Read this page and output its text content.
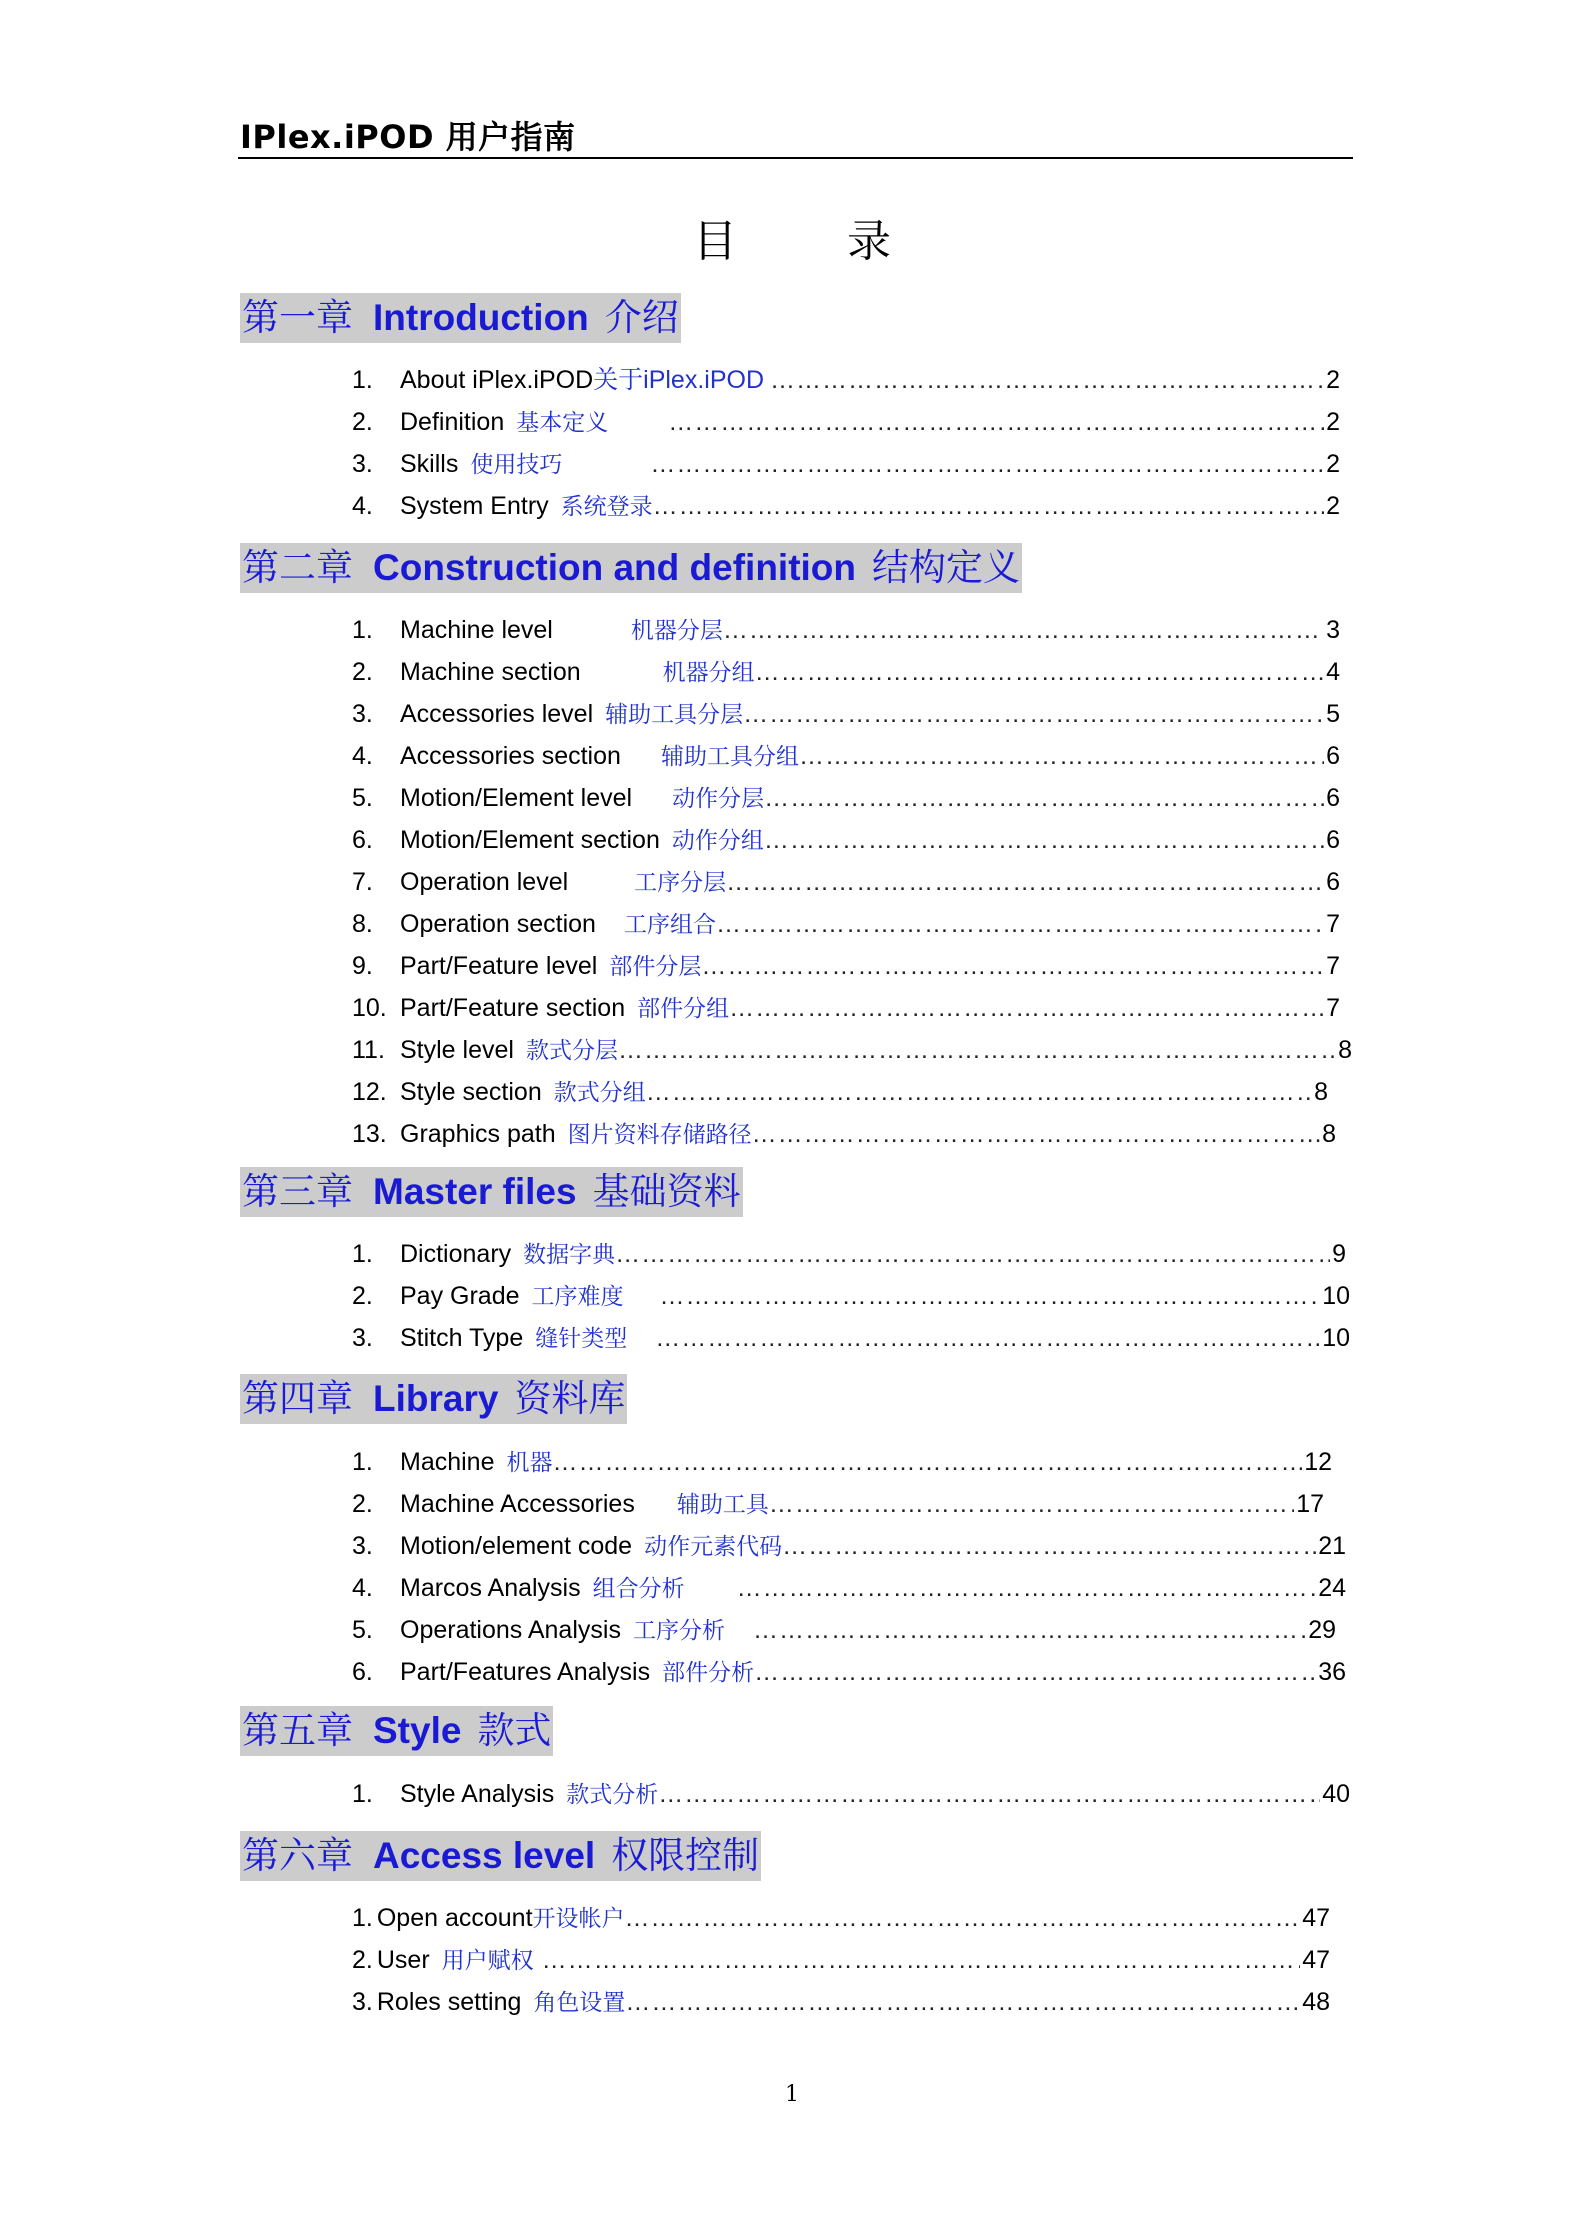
IPlex.iPOD 用户指南
目 录
第一章 Introduction 介绍
1.	About iPlex.iPOD 关于iPlex.iPOD ……………………………………………………………………………………………………………………………………………………………………………………	2
2.	Definition 基本定义 ……………………………………………………………………………………………………………………………………………………………………………………	2
3.	Skills 使用技巧 ……………………………………………………………………………………………………………………………………………………………………………………	2
4.	System Entry 系统登录 ……………………………………………………………………………………………………………………………………………………………………………………	2
第二章 Construction and definition 结构定义
1.	Machine level	机器分层 ……………………………………………………………………………………………………………………………………………………………………………………	3
2.	Machine section	机器分组 ……………………………………………………………………………………………………………………………………………………………………………………	4
3.	Accessories level 辅助工具分层 ……………………………………………………………………………………………………………………………………………………………………………………	5
4.	Accessories section 辅助工具分组 ……………………………………………………………………………………………………………………………………………………………………………………	6
5.	Motion/Element level 动作分层 ……………………………………………………………………………………………………………………………………………………………………………………	6
6.	Motion/Element section 动作分组 ……………………………………………………………………………………………………………………………………………………………………………………	6
7.	Operation level	工序分层 ……………………………………………………………………………………………………………………………………………………………………………………	6
8.	Operation section 工序组合 ……………………………………………………………………………………………………………………………………………………………………………………	7
9.	Part/Feature level 部件分层 ……………………………………………………………………………………………………………………………………………………………………………………	7
10. Part/Feature section 部件分组 ……………………………………………………………………………………………………………………………………………………………………………………	7
11. Style level 款式分层 ……………………………………………………………………………………………………………………………………………………………………………………	8
12. Style section 款式分组 ……………………………………………………………………………………………………………………………………………………………………………………	8
13. Graphics path 图片资料存储路径 ……………………………………………………………………………………………………………………………………………………………………………………	8
第三章 Master files 基础资料
1.	Dictionary 数据字典 ……………………………………………………………………………………………………………………………………………………………………………………	9
2.	Pay Grade 工序难度 ……………………………………………………………………………………………………………………………………………………………………………………	10
3.	Stitch Type 缝针类型 ……………………………………………………………………………………………………………………………………………………………………………………	10
第四章 Library 资料库
1.	Machine 机器 ……………………………………………………………………………………………………………………………………………………………………………………	12
2.	Machine Accessories 辅助工具 ……………………………………………………………………………………………………………………………………………………………………………………	17
3.	Motion/element code 动作元素代码 ……………………………………………………………………………………………………………………………………………………………………………………	21
4.	Marcos Analysis 组合分析 ……………………………………………………………………………………………………………………………………………………………………………………	24
5.	Operations Analysis 工序分析 ……………………………………………………………………………………………………………………………………………………………………………………	29
6.	Part/Features Analysis 部件分析 ……………………………………………………………………………………………………………………………………………………………………………………	36
第五章 Style 款式
1.	Style Analysis 款式分析 ……………………………………………………………………………………………………………………………………………………………………………………	40
第六章 Access level 权限控制
1. Open account 开设帐户 ……………………………………………………………………………………………………………………………………………………………………………………	47
2. User 用户赋权 ……………………………………………………………………………………………………………………………………………………………………………………	47
3. Roles setting 角色设置 ……………………………………………………………………………………………………………………………………………………………………………………	48
1
